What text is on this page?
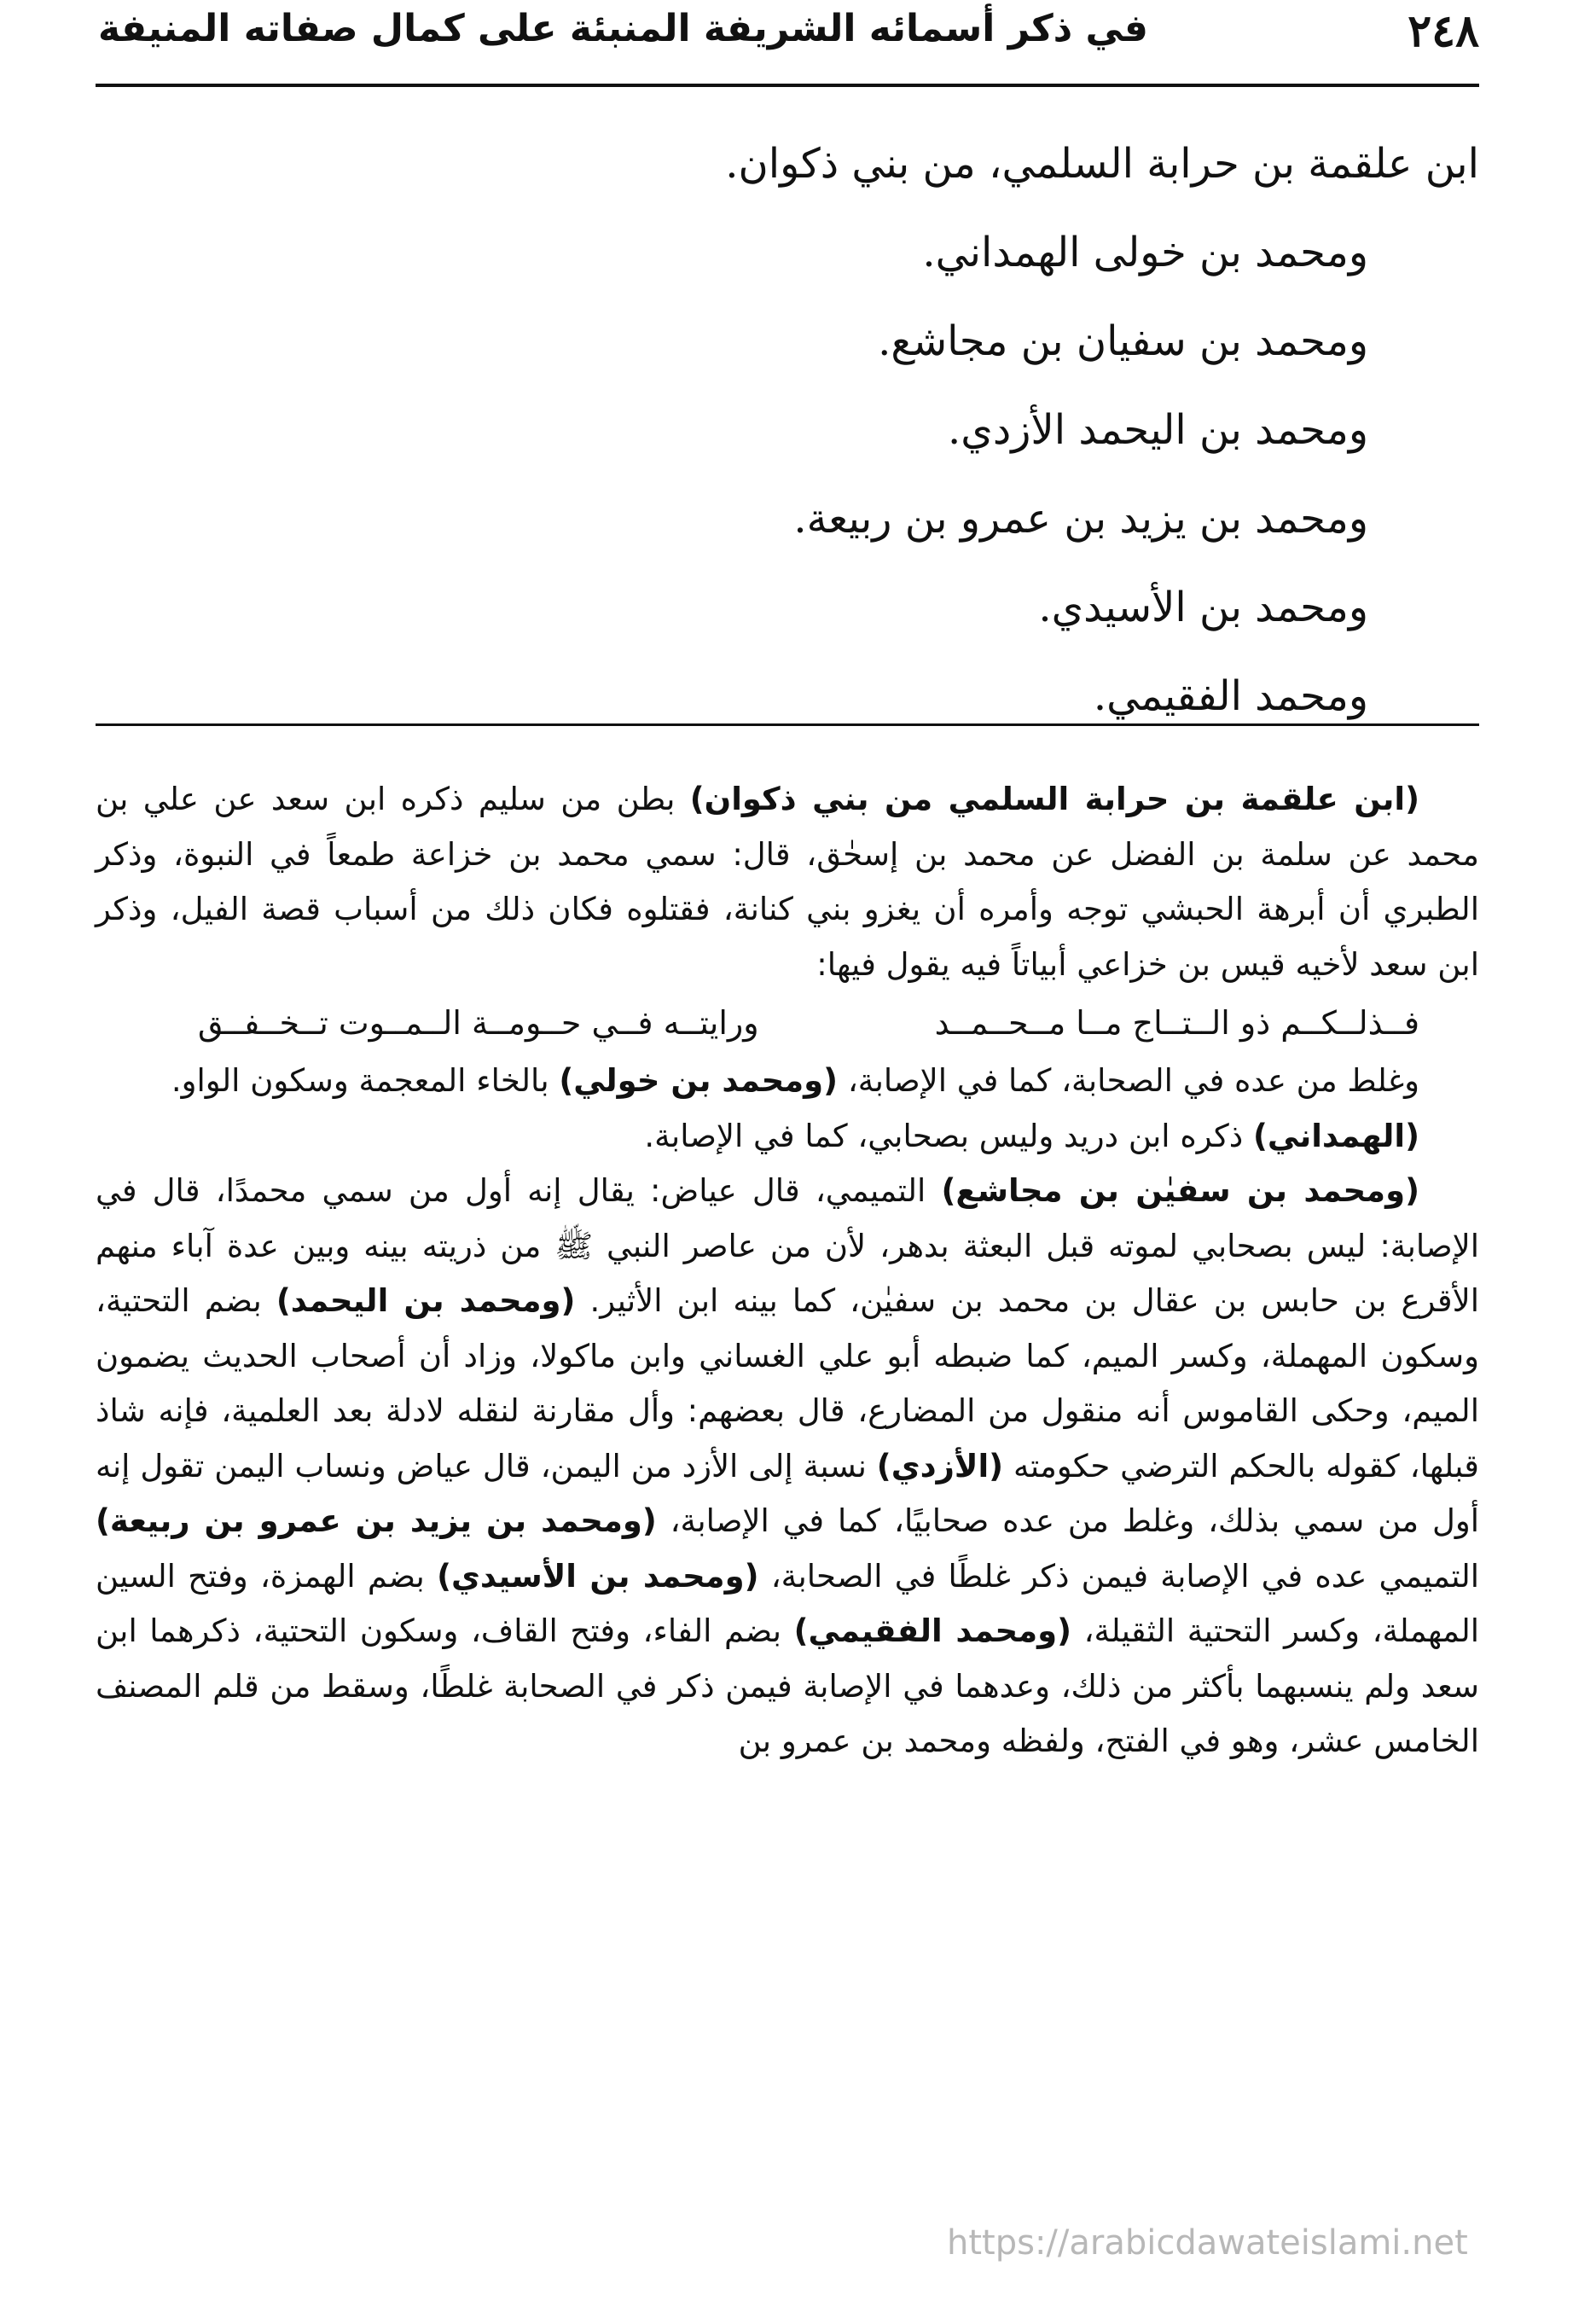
٢٤٨
في ذكر أسمائه الشريفة المنبئة على كمال صفاته المنيفة
ابن علقمة بن حرابة السلمي، من بني ذكوان.
ومحمد بن خولى الهمداني.
ومحمد بن سفيان بن مجاشع.
ومحمد بن اليحمد الأزدي.
ومحمد بن يزيد بن عمرو بن ربيعة.
ومحمد بن الأسيدي.
ومحمد الفقيمي.

(ابن علقمة بن حرابة السلمي من بني ذكوان) بطن من سليم ذكره ابن سعد عن علي بن محمد عن سلمة بن الفضل عن محمد بن إسحٰق، قال: سمي محمد بن خزاعة طمعاً في النبوة، وذكر الطبري أن أبرهة الحبشي توجه وأمره أن يغزو بني كنانة، فقتلوه فكان ذلك من أسباب قصة الفيل، وذكر ابن سعد لأخيه قيس بن خزاعي أبياتاً فيه يقول فيها:

فــذلــكــم ذو الــتــاج مــا مــحــمــد
ورايتــه فــي حــومــة الــمــوت تــخــفــق

وغلط من عده في الصحابة، كما في الإصابة، (ومحمد بن خولي) بالخاء المعجمة وسكون الواو.

(الهمداني) ذكره ابن دريد وليس بصحابي، كما في الإصابة.

(ومحمد بن سفيٰن بن مجاشع) التميمي، قال عياض: يقال إنه أول من سمي محمدًا، قال في الإصابة: ليس بصحابي لموته قبل البعثة بدهر، لأن من عاصر النبي ﷺ من ذريته بينه وبين عدة آباء منهم الأقرع بن حابس بن عقال بن محمد بن سفيٰن، كما بينه ابن الأثير. (ومحمد بن اليحمد) بضم التحتية، وسكون المهملة، وكسر الميم، كما ضبطه أبو علي الغساني وابن ماكولا، وزاد أن أصحاب الحديث يضمون الميم، وحكى القاموس أنه منقول من المضارع، قال بعضهم: وأل مقارنة لنقله لادلة بعد العلمية، فإنه شاذ قبلها، كقوله بالحكم الترضي حكومته (الأزدي) نسبة إلى الأزد من اليمن، قال عياض ونساب اليمن تقول إنه أول من سمي بذلك، وغلط من عده صحابيًا، كما في الإصابة، (ومحمد بن يزيد بن عمرو بن ربيعة) التميمي عده في الإصابة فيمن ذكر غلطًا في الصحابة، (ومحمد بن الأسيدي) بضم الهمزة، وفتح السين المهملة، وكسر التحتية الثقيلة، (ومحمد الفقيمي) بضم الفاء، وفتح القاف، وسكون التحتية، ذكرهما ابن سعد ولم ينسبهما بأكثر من ذلك، وعدهما في الإصابة فيمن ذكر في الصحابة غلطًا، وسقط من قلم المصنف الخامس عشر، وهو في الفتح، ولفظه ومحمد بن عمرو بن

https://arabicdawateislami.net
